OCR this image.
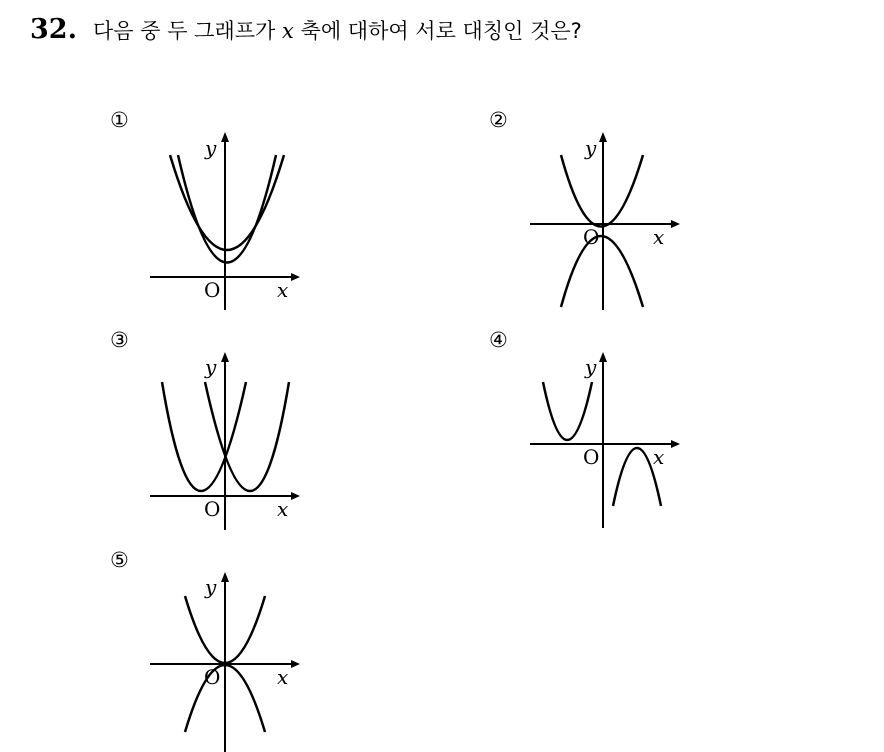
32. 다음 중 두 그래프가 x 축에 대하여 서로 대칭인 것은?
①
y
O	x
②
y
O	x
③
y
O	x
④
y
O	x
⑤
y
O	x
